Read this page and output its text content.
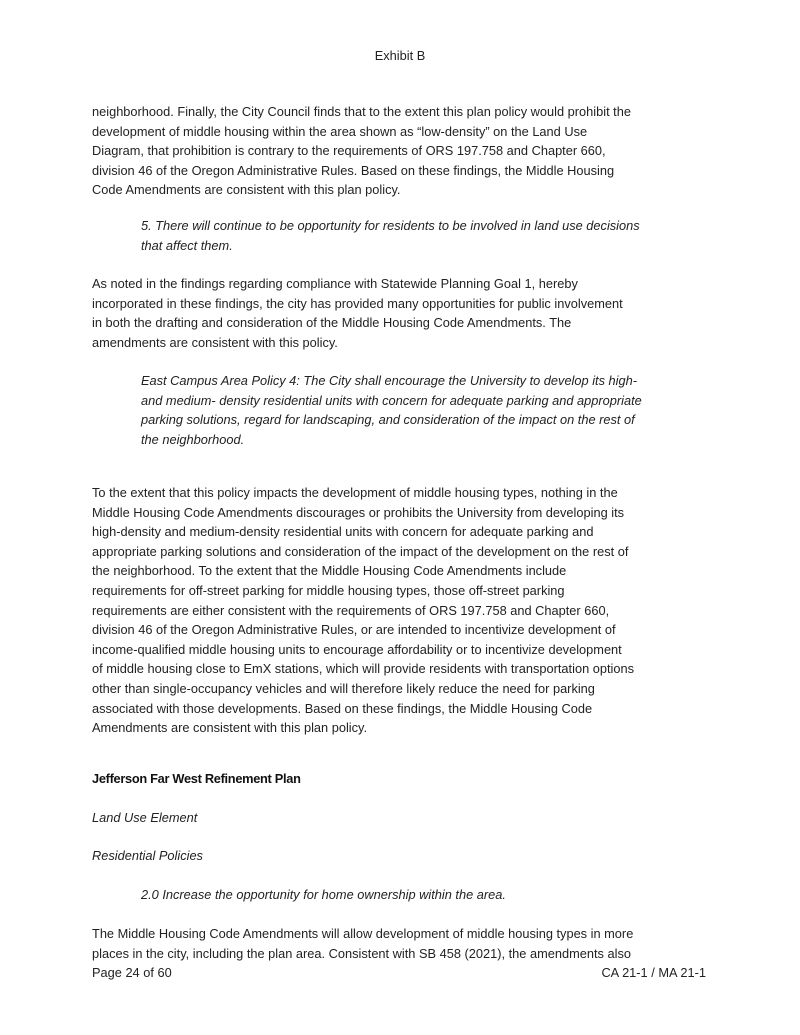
Exhibit B
neighborhood. Finally, the City Council finds that to the extent this plan policy would prohibit the
development of middle housing within the area shown as “low-density” on the Land Use
Diagram, that prohibition is contrary to the requirements of ORS 197.758 and Chapter 660,
division 46 of the Oregon Administrative Rules. Based on these findings, the Middle Housing
Code Amendments are consistent with this plan policy.
5. There will continue to be opportunity for residents to be involved in land use decisions
that affect them.
As noted in the findings regarding compliance with Statewide Planning Goal 1, hereby
incorporated in these findings, the city has provided many opportunities for public involvement
in both the drafting and consideration of the Middle Housing Code Amendments. The
amendments are consistent with this policy.
East Campus Area Policy 4: The City shall encourage the University to develop its high-
and medium- density residential units with concern for adequate parking and appropriate
parking solutions, regard for landscaping, and consideration of the impact on the rest of
the neighborhood.
To the extent that this policy impacts the development of middle housing types, nothing in the
Middle Housing Code Amendments discourages or prohibits the University from developing its
high-density and medium-density residential units with concern for adequate parking and
appropriate parking solutions and consideration of the impact of the development on the rest of
the neighborhood. To the extent that the Middle Housing Code Amendments include
requirements for off-street parking for middle housing types, those off-street parking
requirements are either consistent with the requirements of ORS 197.758 and Chapter 660,
division 46 of the Oregon Administrative Rules, or are intended to incentivize development of
income-qualified middle housing units to encourage affordability or to incentivize development
of middle housing close to EmX stations, which will provide residents with transportation options
other than single-occupancy vehicles and will therefore likely reduce the need for parking
associated with those developments. Based on these findings, the Middle Housing Code
Amendments are consistent with this plan policy.
Jefferson Far West Refinement Plan
Land Use Element
Residential Policies
2.0 Increase the opportunity for home ownership within the area.
The Middle Housing Code Amendments will allow development of middle housing types in more
places in the city, including the plan area. Consistent with SB 458 (2021), the amendments also
Page 24 of 60	CA 21-1 / MA 21-1
